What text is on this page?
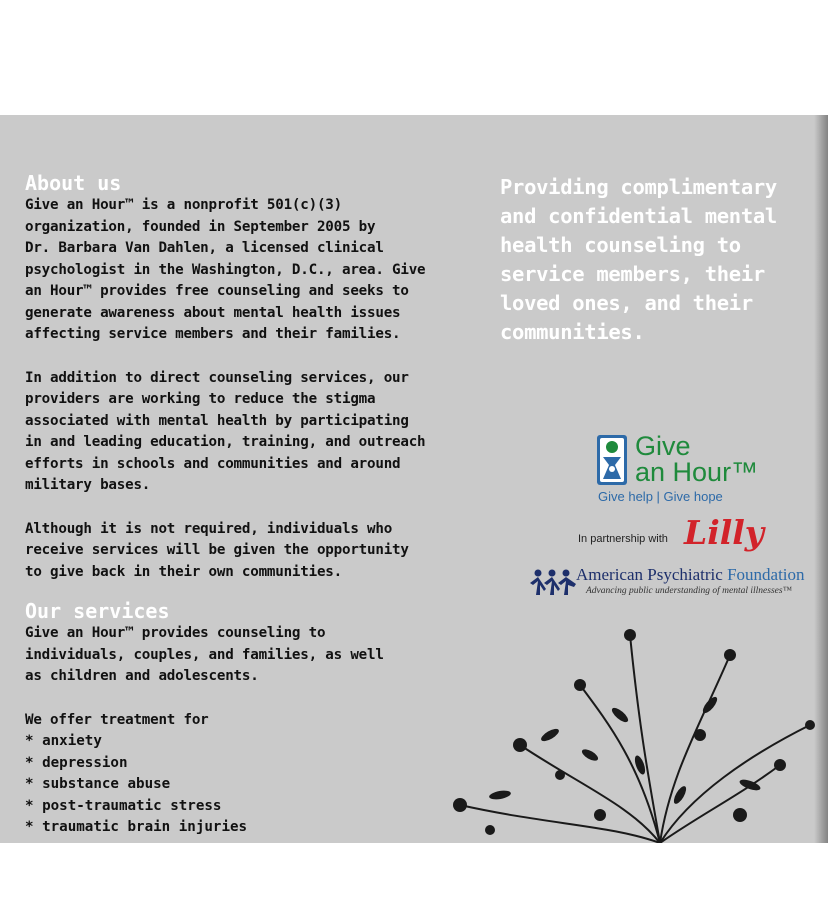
About us

Give an Hour™ is a nonprofit 501(c)(3)
organization, founded in September 2005 by
Dr. Barbara Van Dahlen, a licensed clinical
psychologist in the Washington, D.C., area. Give
an Hour™ provides free counseling and seeks to
generate awareness about mental health issues
affecting service members and their families.

In addition to direct counseling services, our
providers are working to reduce the stigma
associated with mental health by participating
in and leading education, training, and outreach
efforts in schools and communities and around
military bases.

Although it is not required, individuals who
receive services will be given the opportunity
to give back in their own communities.

Our services

Give an Hour™ provides counseling to
individuals, couples, and families, as well
as children and adolescents.

We offer treatment for

* anxiety
* depression
* substance abuse
* post-traumatic stress
* traumatic brain injuries
Providing complimentary
and confidential mental
health counseling to
service members, their
loved ones, and their
communities.
Give
an Hour™
Give help | Give hope
In partnership with Lilly
American Psychiatric Foundation
Advancing public understanding of mental illnesses™
